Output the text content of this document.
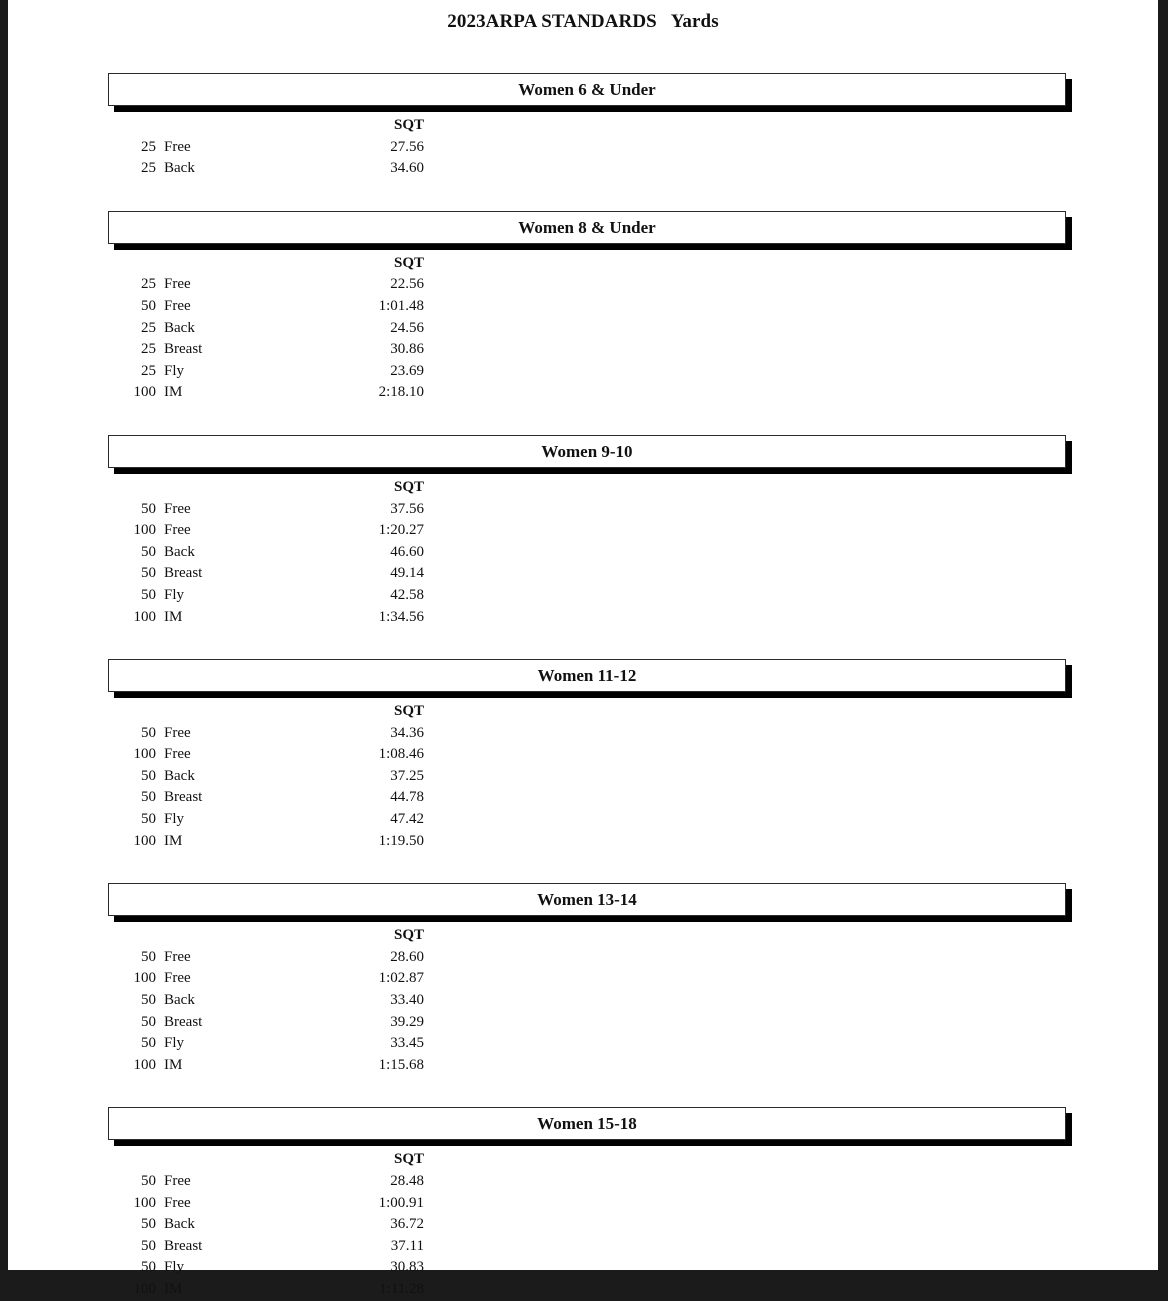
2023ARPA STANDARDS   Yards
Women 6 & Under
		SQT
25	Free	27.56
25	Back	34.60
Women 8 & Under
		SQT
25	Free	22.56
50	Free	1:01.48
25	Back	24.56
25	Breast	30.86
25	Fly	23.69
100	IM	2:18.10
Women 9-10
		SQT
50	Free	37.56
100	Free	1:20.27
50	Back	46.60
50	Breast	49.14
50	Fly	42.58
100	IM	1:34.56
Women 11-12
		SQT
50	Free	34.36
100	Free	1:08.46
50	Back	37.25
50	Breast	44.78
50	Fly	47.42
100	IM	1:19.50
Women 13-14
		SQT
50	Free	28.60
100	Free	1:02.87
50	Back	33.40
50	Breast	39.29
50	Fly	33.45
100	IM	1:15.68
Women 15-18
		SQT
50	Free	28.48
100	Free	1:00.91
50	Back	36.72
50	Breast	37.11
50	Fly	30.83
100	IM	1:11.28
